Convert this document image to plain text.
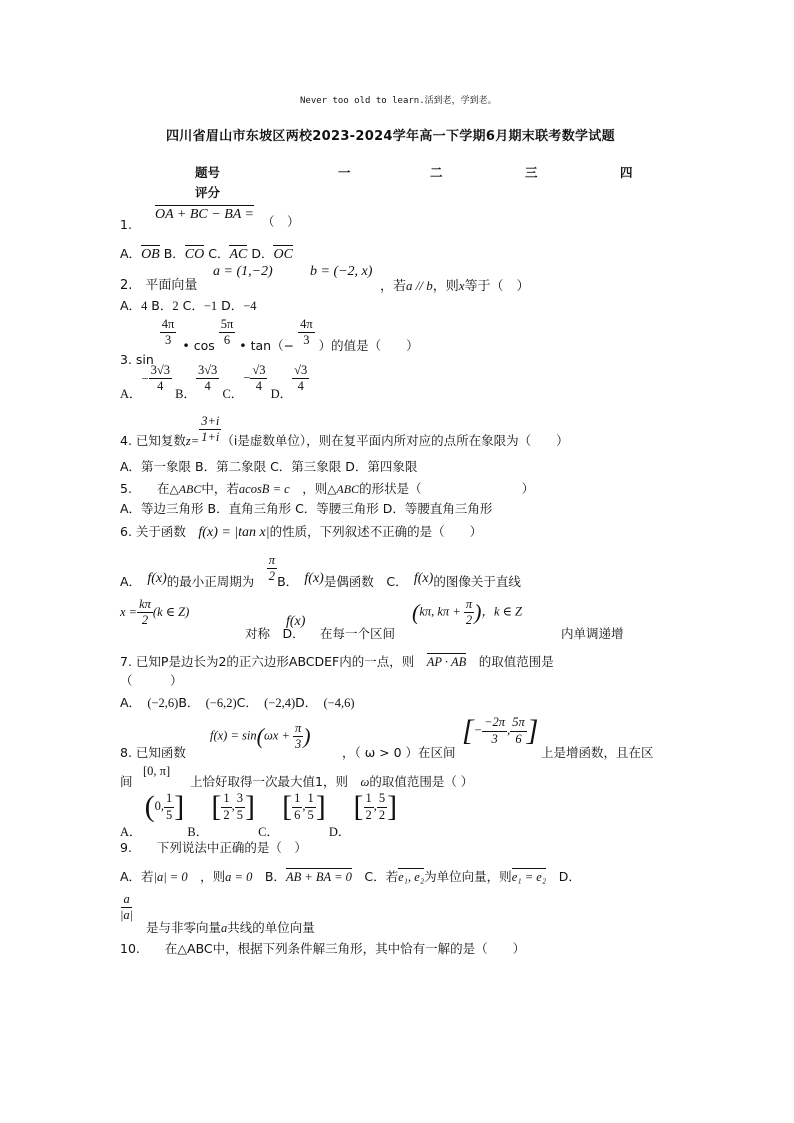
Never too old to learn.活到老，学到老。
四川省眉山市东坡区两校2023-2024学年高一下学期6月期末联考数学试题
题号	一	二	三	四
评分
1.
OA + BC − BA = （　）
A．OB B．CO C．AC D．OC
2.　 平面向量
a = (1,−2)	b = (−2, x)
，若a // b，则x等于（　）
A．4 B．2 C．−1 D．−4
3. sin
$\frac{4\pi}{3}$ • $\cos \frac{5\pi}{6}$ • $\tan(- \frac{4\pi}{3}$ ）的值是（　　）
A．− $\frac{3√3}{4}$
B．
$\frac{3√3}{4}$
C．− $\frac{√3}{4}$
D．
$\frac{√3}{4}$
4. 已知复数$z= \frac{3+i}{1+i} (i$是虚数单位），则在复平面内所对应的点所在象限为（　　）
A．第一象限 B．第二象限 C．第三象限 D．第四象限
5.　　 在△ABC中，若acosB = c　 ，则△ABC的形状是（　　　　　　　　）
A．等边三角形 B．直角三角形 C．等腰三角形 D．等腰直角三角形
6. 关于函数　 f(x) = |tan x|的性质，下列叙述不正确的是（　　）
A．　 f(x)的最小正周期为　 $\frac{\pi}{2}$ B．　 f(x)是偶函数　 C．　 f(x)的图像关于直线
$x = \frac{k\pi}{2} (k$ ∈ Z)
对称　D．
f(x)
在每一个区间
(kπ, $k\pi + \frac{\pi}{2}$ )，k ∈ Z
内单调递增
7. 已知P是边长为2的正六边形ABCDEF内的一点，则　 AP · AB　 的取值范围是
（　　　）
A．　(−2,6)B．　(−6,2)C．　(−2,4)D．　(−4,6)
8. 已知函数
$f(x) = \sin(\omega x + \frac{\pi}{3}$ )
，（ ω > 0 ）在区间
[− $\frac{-2\pi}{3}$ , $\frac{5\pi}{6}$ ]
上是增函数，且在区
间
[0, π]
上恰好取得一次最大值1，则　 ω的取值范围是（ ）
A． (0, $\frac{1}{5}$ ] B． [ $\frac{1}{2}$ , $\frac{3}{5}$ ] C． [ $\frac{1}{6}$ , $\frac{1}{5}$ ] D． [ $\frac{1}{2}$ , $\frac{5}{2}$ ]
9.　　下列说法中正确的是（　）
A．若|a| = 0　 ，则a = 0　 B．AB + BA = 0　 C．若e₁, e₂为单位向量，则e₁ = e₂　 D．
$\frac{a}{|a|}$
是与非零向量a共线的单位向量
10.　　 在△ABC中，根据下列条件解三角形，其中恰有一解的是（　　）
